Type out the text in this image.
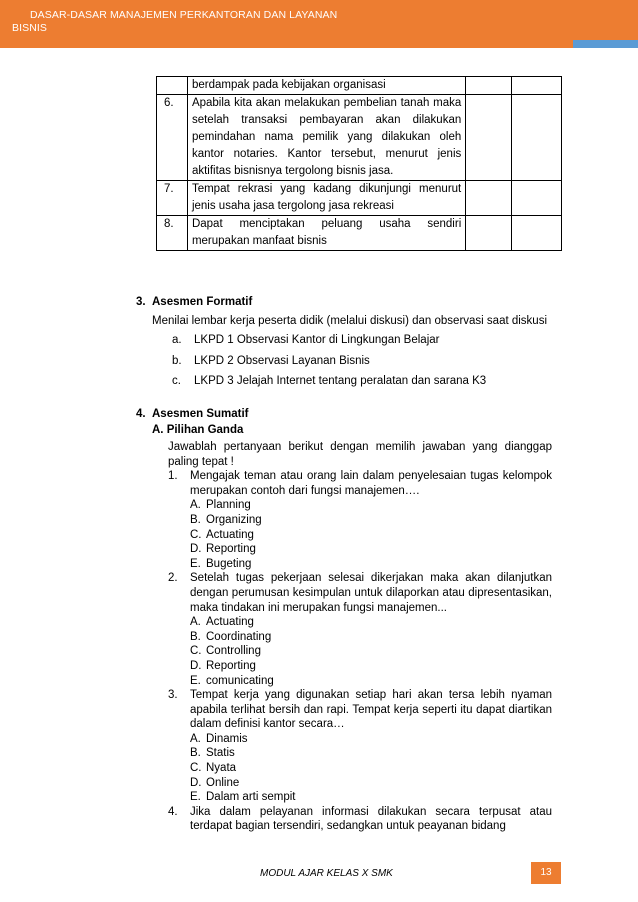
DASAR-DASAR MANAJEMEN PERKANTORAN DAN LAYANAN
BISNIS
	berdampak pada kebijakan organisasi		
6.	Apabila kita akan melakukan pembelian tanah maka setelah transaksi pembayaran akan dilakukan pemindahan nama pemilik yang dilakukan oleh kantor notaries. Kantor tersebut, menurut jenis aktifitas bisnisnya tergolong bisnis jasa.		
7.	Tempat rekrasi yang kadang dikunjungi menurut jenis usaha jasa tergolong jasa rekreasi		
8.	Dapat menciptakan peluang usaha sendiri merupakan manfaat bisnis		
3. Asesmen Formatif
Menilai lembar kerja peserta didik (melalui diskusi) dan observasi saat diskusi
a. LKPD 1 Observasi Kantor di Lingkungan Belajar
b. LKPD 2 Observasi Layanan Bisnis
c. LKPD 3 Jelajah Internet tentang peralatan dan sarana K3
4. Asesmen Sumatif
A. Pilihan Ganda
Jawablah pertanyaan berikut dengan memilih jawaban yang dianggap paling tepat !
1. Mengajak teman atau orang lain dalam penyelesaian tugas kelompok merupakan contoh dari fungsi manajemen….
A. Planning
B. Organizing
C. Actuating
D. Reporting
E. Bugeting
2. Setelah tugas pekerjaan selesai dikerjakan maka akan dilanjutkan dengan perumusan kesimpulan untuk dilaporkan atau dipresentasikan, maka tindakan ini merupakan fungsi manajemen...
A. Actuating
B. Coordinating
C. Controlling
D. Reporting
E. comunicating
3. Tempat kerja yang digunakan setiap hari akan tersa lebih nyaman apabila terlihat bersih dan rapi. Tempat kerja seperti itu dapat diartikan dalam definisi kantor secara…
A. Dinamis
B. Statis
C. Nyata
D. Online
E. Dalam arti sempit
4. Jika dalam pelayanan informasi dilakukan secara terpusat atau terdapat bagian tersendiri, sedangkan untuk peayanan bidang
MODUL AJAR KELAS X SMK	13
